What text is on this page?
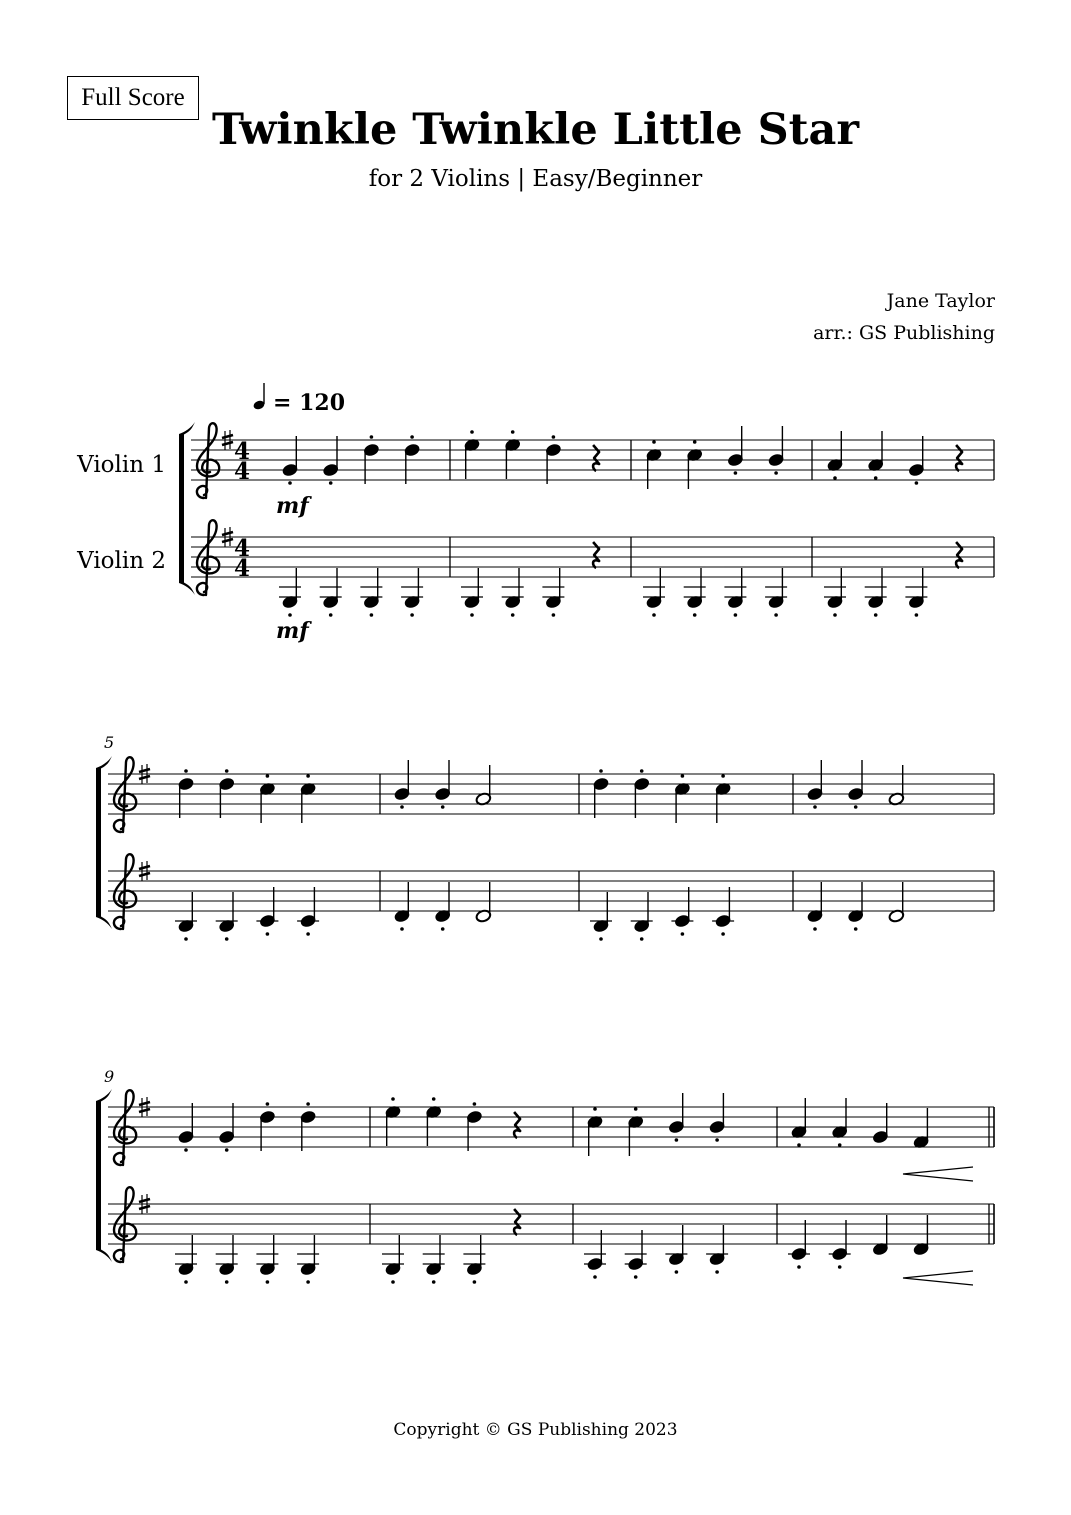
Full Score
Twinkle Twinkle Little Star
for 2 Violins | Easy/Beginner
Jane Taylor
arr.: GS Publishing
= 120
Violin 1
Violin 2
4
4
mf
4
4
mf
5
9
Copyright © GS Publishing 2023
